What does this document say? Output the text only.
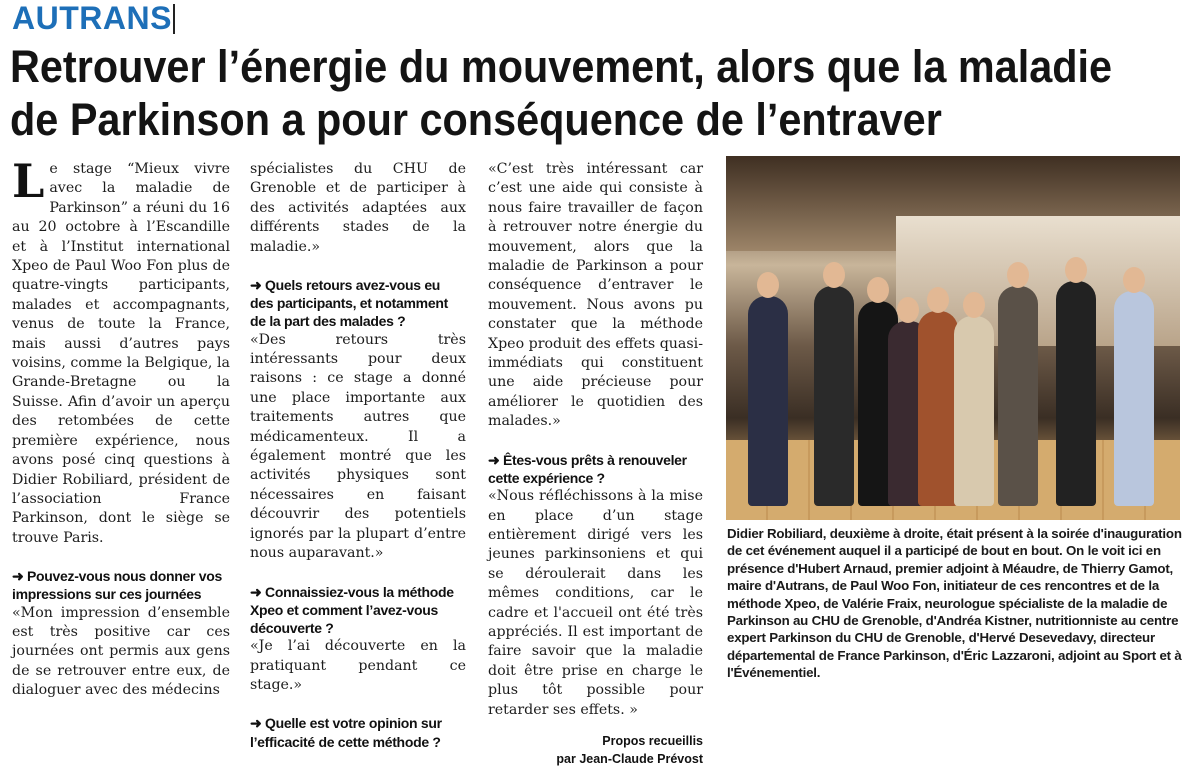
AUTRANS
Retrouver l’énergie du mouvement, alors que la maladie
de Parkinson a pour conséquence de l’entraver

Le stage “Mieux vivre avec la maladie de Parkinson” a réuni du 16 au 20 octobre à l’Escandille et à l’Institut international Xpeo de Paul Woo Fon plus de quatre-vingts participants, malades et accompagnants, venus de toute la France, mais aussi d’autres pays voisins, comme la Belgique, la Grande-Bretagne ou la Suisse. Afin d’avoir un aperçu des retombées de cette première expérience, nous avons posé cinq questions à Didier Robiliard, président de l’association France Parkinson, dont le siège se trouve Paris.

➜ Pouvez-vous nous donner vos impressions sur ces journées

«Mon impression d’ensemble est très positive car ces journées ont permis aux gens de se retrouver entre eux, de dialoguer avec des médecins

spécialistes du CHU de Grenoble et de participer à des activités adaptées aux différents stades de la maladie.»

➜ Quels retours avez-vous eu des participants, et notamment de la part des malades ?

«Des retours très intéressants pour deux raisons : ce stage a donné une place importante aux traitements autres que médicamenteux. Il a également montré que les activités physiques sont nécessaires en faisant découvrir des potentiels ignorés par la plupart d’entre nous auparavant.»

➜ Connaissiez-vous la méthode Xpeo et comment l’avez-vous découverte ?

«Je l’ai découverte en la pratiquant pendant ce stage.»

➜ Quelle est votre opinion sur l’efficacité de cette méthode ?

«C’est très intéressant car c’est une aide qui consiste à nous faire travailler de façon à retrouver notre énergie du mouvement, alors que la maladie de Parkinson a pour conséquence d’entraver le mouvement. Nous avons pu constater que la méthode Xpeo produit des effets quasi-immédiats qui constituent une aide précieuse pour améliorer le quotidien des malades.»

➜ Êtes-vous prêts à renouveler cette expérience ?

«Nous réfléchissons à la mise en place d’un stage entièrement dirigé vers les jeunes parkinsoniens et qui se déroulerait dans les mêmes conditions, car le cadre et l'accueil ont été très appréciés. Il est important de faire savoir que la maladie doit être prise en charge le plus tôt possible pour retarder ses effets. »

Propos recueillis
par Jean-Claude Prévost
Didier Robiliard, deuxième à droite, était présent à la soirée d'inauguration de cet événement auquel il a participé de bout en bout. On le voit ici en présence d'Hubert Arnaud, premier adjoint à Méaudre, de Thierry Gamot, maire d'Autrans, de Paul Woo Fon, initiateur de ces rencontres et de la méthode Xpeo, de Valérie Fraix, neurologue spécialiste de la maladie de Parkinson au CHU de Grenoble, d'Andréa Kistner, nutritionniste au centre expert Parkinson du CHU de Grenoble, d'Hervé Desevedavy, directeur départemental de France Parkinson, d'Éric Lazzaroni, adjoint au Sport et à l'Événementiel.
